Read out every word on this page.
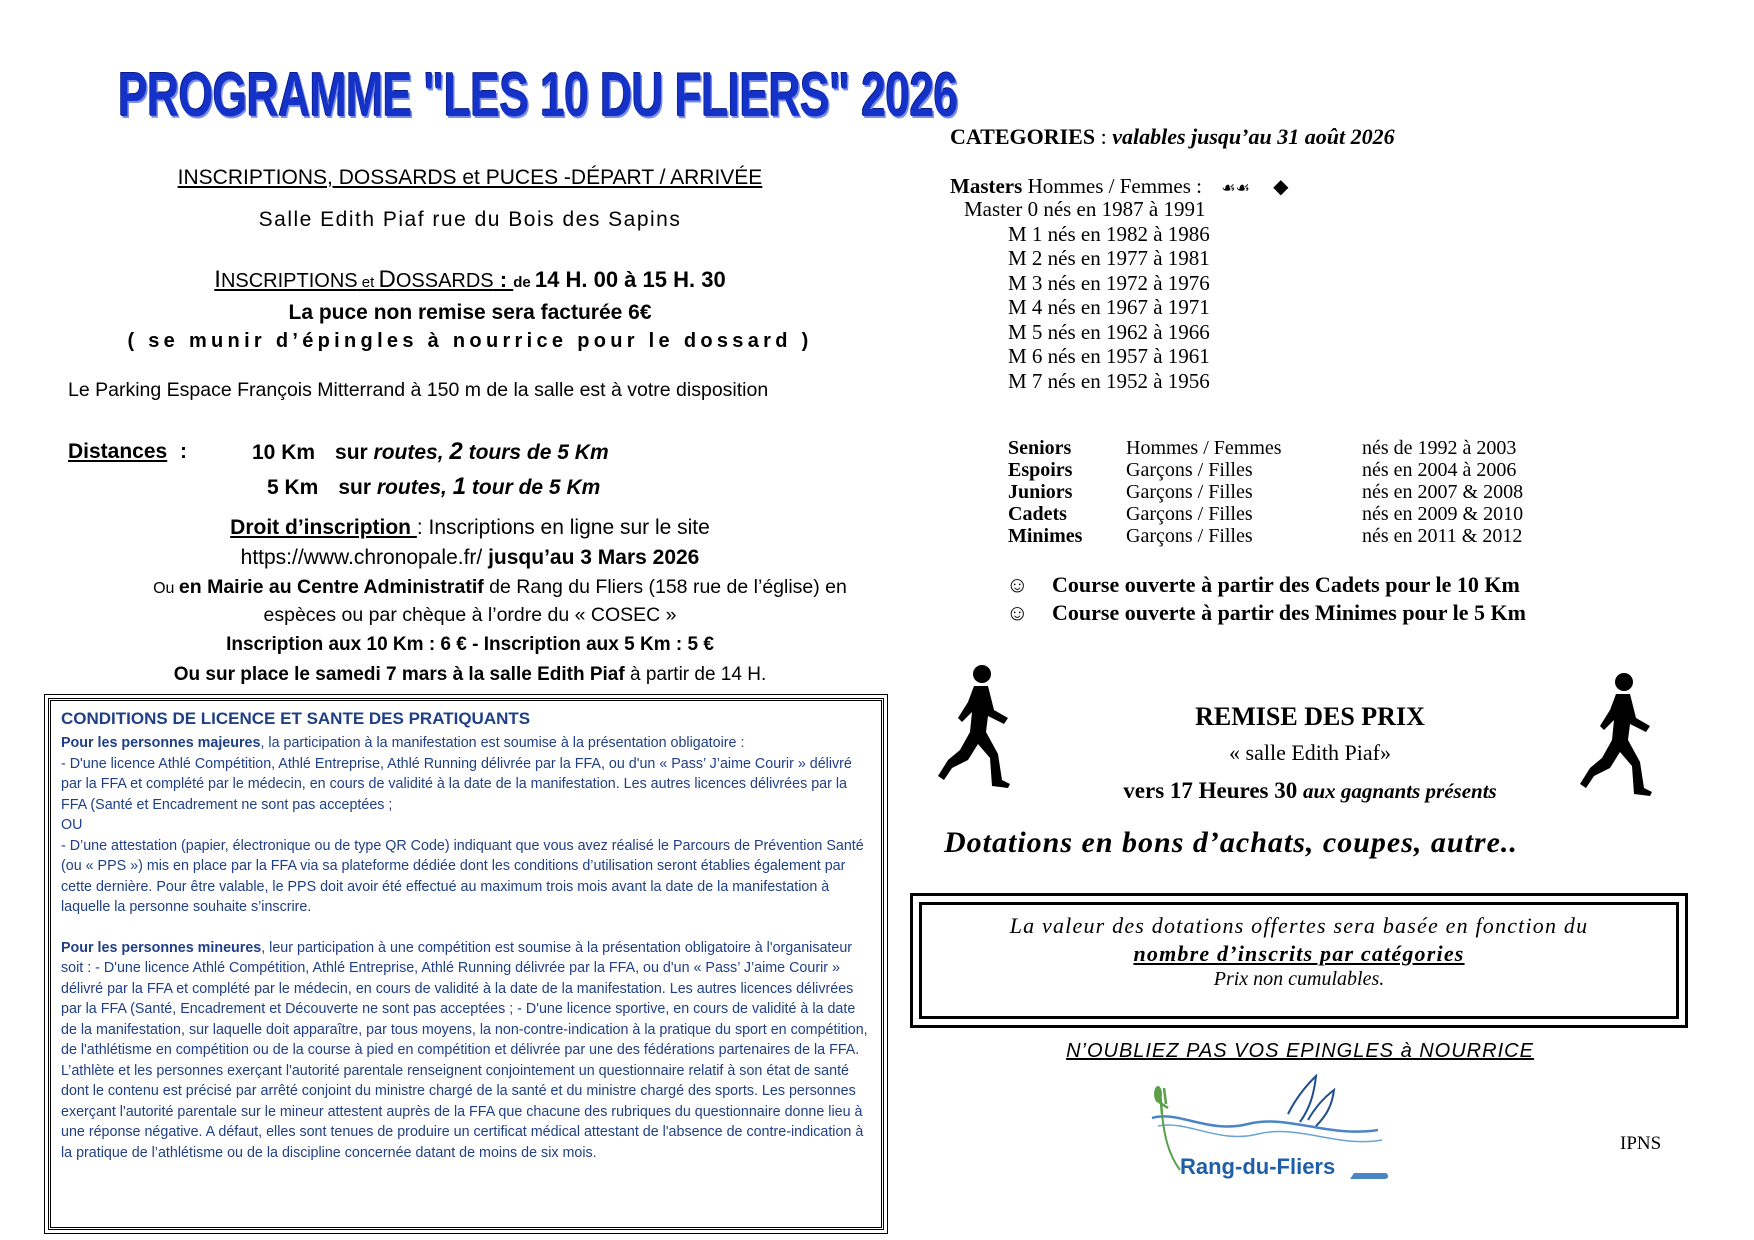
PROGRAMME "LES 10 DU FLIERS" 2026
INSCRIPTIONS, DOSSARDS et PUCES -DÉPART / ARRIVÉE
Salle Edith Piaf rue du Bois des Sapins
INSCRIPTIONS et DOSSARDS : de 14 H. 00 à 15 H. 30
La puce non remise sera facturée 6€
( se munir d’épingles à nourrice pour le dossard )
Le Parking Espace François Mitterrand à 150 m de la salle est à votre disposition
Distances :	10 Km sur routes, 2 tours de 5 Km
5 Km sur routes, 1 tour de 5 Km
Droit d’inscription : Inscriptions en ligne sur le site
https://www.chronopale.fr/ jusqu’au 3 Mars 2026
Ou en Mairie au Centre Administratif de Rang du Fliers (158 rue de l’église) en
espèces ou par chèque à l’ordre du « COSEC »
Inscription aux 10 Km : 6 € - Inscription aux 5 Km : 5 €
Ou sur place le samedi 7 mars à la salle Edith Piaf à partir de 14 H.
CONDITIONS DE LICENCE ET SANTE DES PRATIQUANTS

Pour les personnes majeures, la participation à la manifestation est soumise à la présentation obligatoire :

- D'une licence Athlé Compétition, Athlé Entreprise, Athlé Running délivrée par la FFA, ou d'un « Pass’ J’aime Courir » délivré par la FFA et complété par le médecin, en cours de validité à la date de la manifestation. Les autres licences délivrées par la FFA (Santé et Encadrement ne sont pas acceptées ;

OU

- D’une attestation (papier, électronique ou de type QR Code) indiquant que vous avez réalisé le Parcours de Prévention Santé (ou « PPS ») mis en place par la FFA via sa plateforme dédiée dont les conditions d’utilisation seront établies également par cette dernière. Pour être valable, le PPS doit avoir été effectué au maximum trois mois avant la date de la manifestation à laquelle la personne souhaite s’inscrire.

Pour les personnes mineures, leur participation à une compétition est soumise à la présentation obligatoire à l'organisateur soit : - D'une licence Athlé Compétition, Athlé Entreprise, Athlé Running délivrée par la FFA, ou d'un « Pass’ J’aime Courir » délivré par la FFA et complété par le médecin, en cours de validité à la date de la manifestation. Les autres licences délivrées par la FFA (Santé, Encadrement et Découverte ne sont pas acceptées ; - D'une licence sportive, en cours de validité à la date de la manifestation, sur laquelle doit apparaître, par tous moyens, la non-contre-indication à la pratique du sport en compétition, de l'athlétisme en compétition ou de la course à pied en compétition et délivrée par une des fédérations partenaires de la FFA.

L’athlète et les personnes exerçant l'autorité parentale renseignent conjointement un questionnaire relatif à son état de santé dont le contenu est précisé par arrêté conjoint du ministre chargé de la santé et du ministre chargé des sports. Les personnes exerçant l'autorité parentale sur le mineur attestent auprès de la FFA que chacune des rubriques du questionnaire donne lieu à une réponse négative. A défaut, elles sont tenues de produire un certificat médical attestant de l'absence de contre-indication à la pratique de l’athlétisme ou de la discipline concernée datant de moins de six mois.

CATEGORIES : valables jusqu’au 31 août 2026
Masters Hommes / Femmes : ☙☙ ◆
Master 0 nés en 1987 à 1991
M 1 nés en 1982 à 1986
M 2 nés en 1977 à 1981
M 3 nés en 1972 à 1976
M 4 nés en 1967 à 1971
M 5 nés en 1962 à 1966
M 6 nés en 1957 à 1961
M 7 nés en 1952 à 1956
Seniors	Hommes / Femmes	nés de 1992 à 2003
Espoirs	Garçons / Filles	nés en 2004 à 2006
Juniors	Garçons / Filles	nés en 2007 & 2008
Cadets	Garçons / Filles	nés en 2009 & 2010
Minimes Garçons / Filles	nés en 2011 & 2012
☺ Course ouverte à partir des Cadets pour le 10 Km
☺ Course ouverte à partir des Minimes pour le 5 Km
REMISE DES PRIX
« salle Edith Piaf»
vers 17 Heures 30 aux gagnants présents
Dotations en bons d’achats, coupes, autre..
La valeur des dotations offertes sera basée en fonction du
nombre d’inscrits par catégories
Prix non cumulables.
N’OUBLIEZ PAS VOS EPINGLES à NOURRICE
Rang-du-Fliers
IPNS
